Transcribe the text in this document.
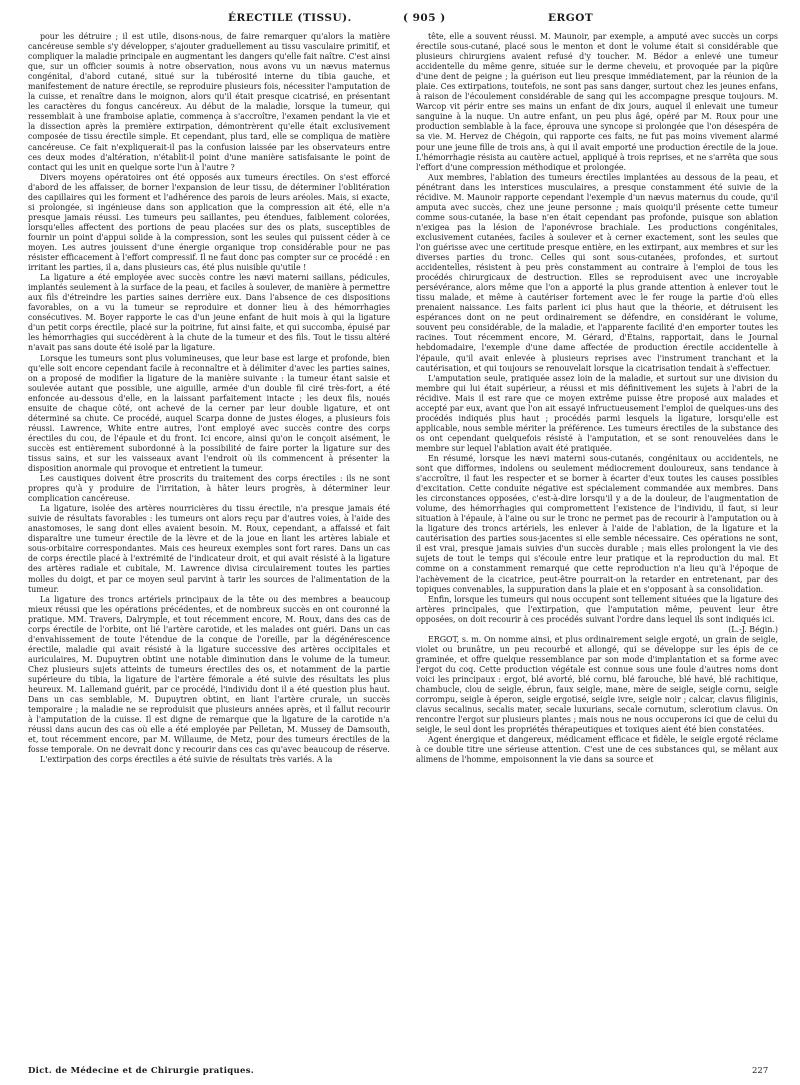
ÉRECTILE (TISSU).	( 905 )	ERGOT

pour les détruire ; il est utile, disons-nous, de faire remarquer qu'alors la matière cancéreuse semble s'y développer, s'ajouter graduellement au tissu vasculaire primitif, et compliquer la maladie principale en augmentant les dangers qu'elle fait naître. C'est ainsi que, sur un officier soumis à notre observation, nous avons vu un nævus maternus congénital, d'abord cutané, situé sur la tubérosité interne du tibia gauche, et manifestement de nature érectile, se reproduire plusieurs fois, nécessiter l'amputation de la cuisse, et renaître dans le moignon, alors qu'il était presque cicatrisé, en présentant les caractères du fongus cancéreux. Au début de la maladie, lorsque la tumeur, qui ressemblait à une framboise aplatie, commença à s'accroître, l'examen pendant la vie et la dissection après la première extirpation, démontrèrent qu'elle était exclusivement composée de tissu érectile simple. Et cependant, plus tard, elle se compliqua de matière cancéreuse. Ce fait n'expliquerait-il pas la confusion laissée par les observateurs entre ces deux modes d'altération, n'établit-il point d'une manière satisfaisante le point de contact qui les unit en quelque sorte l'un à l'autre ?

Divers moyens opératoires ont été opposés aux tumeurs érectiles. On s'est efforcé d'abord de les affaisser, de borner l'expansion de leur tissu, de déterminer l'oblitération des capillaires qui les forment et l'adhérence des parois de leurs aréoles. Mais, si exacte, si prolongée, si ingénieuse dans son application que la compression ait été, elle n'a presque jamais réussi. Les tumeurs peu saillantes, peu étendues, faiblement colorées, lorsqu'elles affectent des portions de peau placées sur des os plats, susceptibles de fournir un point d'appui solide à la compression, sont les seules qui puissent céder à ce moyen. Les autres jouissent d'une énergie organique trop considérable pour ne pas résister efficacement à l'effort compressif. Il ne faut donc pas compter sur ce procédé : en irritant les parties, il a, dans plusieurs cas, été plus nuisible qu'utile !

La ligature a été employée avec succès contre les nævi materni saillans, pédicules, implantés seulement à la surface de la peau, et faciles à soulever, de manière à permettre aux fils d'étreindre les parties saines derrière eux. Dans l'absence de ces dispositions favorables, on a vu la tumeur se reproduire et donner lieu à des hémorrhagies consécutives. M. Boyer rapporte le cas d'un jeune enfant de huit mois à qui la ligature d'un petit corps érectile, placé sur la poitrine, fut ainsi faite, et qui succomba, épuisé par les hémorrhagies qui succédèrent à la chute de la tumeur et des fils. Tout le tissu altéré n'avait pas sans doute été isolé par la ligature.

Lorsque les tumeurs sont plus volumineuses, que leur base est large et profonde, bien qu'elle soit encore cependant facile à reconnaître et à délimiter d'avec les parties saines, on a proposé de modifier la ligature de la manière suivante : la tumeur étant saisie et soulevée autant que possible, une aiguille, armée d'un double fil ciré très-fort, a été enfoncée au-dessous d'elle, en la laissant parfaitement intacte ; les deux fils, noués ensuite de chaque côté, ont achevé de la cerner par leur double ligature, et ont déterminé sa chute. Ce procédé, auquel Scarpa donne de justes éloges, a plusieurs fois réussi. Lawrence, White entre autres, l'ont employé avec succès contre des corps érectiles du cou, de l'épaule et du front. Ici encore, ainsi qu'on le conçoit aisément, le succès est entièrement subordonné à la possibilité de faire porter la ligature sur des tissus sains, et sur les vaisseaux avant l'endroit où ils commencent à présenter la disposition anormale qui provoque et entretient la tumeur.

Les caustiques doivent être proscrits du traitement des corps érectiles : ils ne sont propres qu'à y produire de l'irritation, à hâter leurs progrès, à déterminer leur complication cancéreuse.

La ligature, isolée des artères nourricières du tissu érectile, n'a presque jamais été suivie de résultats favorables : les tumeurs ont alors reçu par d'autres voies, à l'aide des anastomoses, le sang dont elles avaient besoin. M. Roux, cependant, a affaissé et fait disparaître une tumeur érectile de la lèvre et de la joue en liant les artères labiale et sous-orbitaire correspondantes. Mais ces heureux exemples sont fort rares. Dans un cas de corps érectile placé à l'extrémité de l'indicateur droit, et qui avait résisté à la ligature des artères radiale et cubitale, M. Lawrence divisa circulairement toutes les parties molles du doigt, et par ce moyen seul parvint à tarir les sources de l'alimentation de la tumeur.

La ligature des troncs artériels principaux de la tête ou des membres a beaucoup mieux réussi que les opérations précédentes, et de nombreux succès en ont couronné la pratique. MM. Travers, Dalrymple, et tout récemment encore, M. Roux, dans des cas de corps érectile de l'orbite, ont lié l'artère carotide, et les malades ont guéri. Dans un cas d'envahissement de toute l'étendue de la conque de l'oreille, par la dégénérescence érectile, maladie qui avait résisté à la ligature successive des artères occipitales et auriculaires, M. Dupuytren obtint une notable diminution dans le volume de la tumeur. Chez plusieurs sujets atteints de tumeurs érectiles des os, et notamment de la partie supérieure du tibia, la ligature de l'artère fémorale a été suivie des résultats les plus heureux. M. Lallemand guérit, par ce procédé, l'individu dont il a été question plus haut. Dans un cas semblable, M. Dupuytren obtint, en liant l'artère crurale, un succès temporaire ; la maladie ne se reproduisit que plusieurs années après, et il fallut recourir à l'amputation de la cuisse. Il est digne de remarque que la ligature de la carotide n'a réussi dans aucun des cas où elle a été employée par Pelletan, M. Mussey de Damsouth, et, tout récemment encore, par M. Willaume, de Metz, pour des tumeurs érectiles de la fosse temporale. On ne devrait donc y recourir dans ces cas qu'avec beaucoup de réserve.

L'extirpation des corps érectiles a été suivie de résultats très variés. A la

tête, elle a souvent réussi. M. Maunoir, par exemple, a amputé avec succès un corps érectile sous-cutané, placé sous le menton et dont le volume était si considérable que plusieurs chirurgiens avaient refusé d'y toucher. M. Bédor a enlevé une tumeur accidentelle du même genre, située sur le derme cheveiu, et provoquée par la piqûre d'une dent de peigne ; la guérison eut lieu presque immédiatement, par la réunion de la plaie. Ces extirpations, toutefois, ne sont pas sans danger, surtout chez les jeunes enfans, à raison de l'écoulement considérable de sang qui les accompagne presque toujours. M. Warcop vit périr entre ses mains un enfant de dix jours, auquel il enlevait une tumeur sanguine à la nuque. Un autre enfant, un peu plus âgé, opéré par M. Roux pour une production semblable à la face, éprouva une syncope si prolongée que l'on désespéra de sa vie. M. Hervez de Chégoin, qui rapporte ces faits, ne fut pas moins vivement alarmé pour une jeune fille de trois ans, à qui il avait emporté une production érectile de la joue. L'hémorrhagie résista au cautère actuel, appliqué à trois reprises, et ne s'arrêta que sous l'effort d'une compression méthodique et prolongée.

Aux membres, l'ablation des tumeurs érectiles implantées au dessous de la peau, et pénétrant dans les interstices musculaires, a presque constamment été suivie de la récidive. M. Maunoir rapporte cependant l'exemple d'un nævus maternus du coude, qu'il amputa avec succès, chez une jeune personne ; mais quoiqu'il présente cette tumeur comme sous-cutanée, la base n'en était cependant pas profonde, puisque son ablation n'exigea pas la lésion de l'aponévrose brachiale. Les productions congénitales, exclusivement cutanées, faciles à soulever et à cerner exactement, sont les seules que l'on guérisse avec une certitude presque entière, en les extirpant, aux membres et sur les diverses parties du tronc. Celles qui sont sous-cutanées, profondes, et surtout accidentelles, résistent à peu près constamment au contraire à l'emploi de tous les procédés chirurgicaux de destruction. Elles se reproduisent avec une incroyable persévérance, alors même que l'on a apporté la plus grande attention à enlever tout le tissu malade, et même à cautériser fortement avec le fer rouge la partie d'où elles prenaient naissance. Les faits parlent ici plus haut que la théorie, et détruisent les espérances dont on ne peut ordinairement se défendre, en considérant le volume, souvent peu considérable, de la maladie, et l'apparente facilité d'en emporter toutes les racines. Tout récemment encore, M. Gérard, d'Étains, rapportait, dans le Journal hebdomadaire, l'exemple d'une dame affectée de production érectile accidentelle à l'épaule, qu'il avait enlevée à plusieurs reprises avec l'instrument tranchant et la cautérisation, et qui toujours se renouvelait lorsque la cicatrisation tendait à s'effectuer.

L'amputation seule, pratiquée assez loin de la maladie, et surtout sur une division du membre qui lui était supérieur, a réussi et mis définitivement les sujets à l'abri de la récidive. Mais il est rare que ce moyen extrême puisse être proposé aux malades et accepté par eux, avant que l'on ait essayé infructueusement l'emploi de quelques-uns des procédés indiqués plus haut ; procédés parmi lesquels la ligature, lorsqu'elle est applicable, nous semble mériter la préférence. Les tumeurs érectiles de la substance des os ont cependant quelquefois résisté à l'amputation, et se sont renouvelées dans le membre sur lequel l'ablation avait été pratiquée.

En résumé, lorsque les nævi materni sous-cutanés, congénitaux ou accidentels, ne sont que difformes, indolens ou seulement médiocrement douloureux, sans tendance à s'accroître, il faut les respecter et se borner à écarter d'eux toutes les causes possibles d'excitation. Cette conduite négative est spécialement commandée aux membres. Dans les circonstances opposées, c'est-à-dire lorsqu'il y a de la douleur, de l'augmentation de volume, des hémorrhagies qui compromettent l'existence de l'individu, il faut, si leur situation à l'épaule, à l'aine ou sur le tronc ne permet pas de recourir à l'amputation ou à la ligature des troncs artériels, les enlever à l'aide de l'ablation, de la ligature et la cautérisation des parties sous-jacentes si elle semble nécessaire. Ces opérations ne sont, il est vrai, presque jamais suivies d'un succès durable ; mais elles prolongent la vie des sujets de tout le temps qui s'écoule entre leur pratique et la reproduction du mal. Et comme on a constamment remarqué que cette reproduction n'a lieu qu'à l'époque de l'achèvement de la cicatrice, peut-être pourrait-on la retarder en entretenant, par des topiques convenables, la suppuration dans la plaie et en s'opposant à sa consolidation.

Enfin, lorsque les tumeurs qui nous occupent sont tellement situées que la ligature des artères principales, que l'extirpation, que l'amputation même, peuvent leur être opposées, on doit recourir à ces procédés suivant l'ordre dans lequel ils sont indiqués ici.

(L.-J. Bégin.)

ERGOT, s. m. On nomme ainsi, et plus ordinairement seigle ergoté, un grain de seigle, violet ou brunâtre, un peu recourbé et allongé, qui se développe sur les épis de ce graminée, et offre quelque ressemblance par son mode d'implantation et sa forme avec l'ergot du coq. Cette production végétale est connue sous une foule d'autres noms dont voici les principaux : ergot, blé avorté, blé cornu, blé farouche, blé havé, blé rachitique, chambucle, clou de seigle, ébrun, faux seigle, mane, mère de seigle, seigle cornu, seigle corrompu, seigle à éperon, seigle ergotisé, seigle ivre, seigle noir ; calcar, clavus filiginis, clavus secalinus, secalis mater, secale luxurians, secale cornutum, sclerotium clavus. On rencontre l'ergot sur plusieurs plantes ; mais nous ne nous occuperons ici que de celui du seigle, le seul dont les propriétés thérapeutiques et toxiques aient été bien constatées.

Agent énergique et dangereux, médicament efficace et fidèle, le seigle ergoté réclame à ce double titre une sérieuse attention. C'est une de ces substances qui, se mêlant aux alimens de l'homme, empoisonnent la vie dans sa source et

Dict. de Médecine et de Chirurgie pratiques.	227
